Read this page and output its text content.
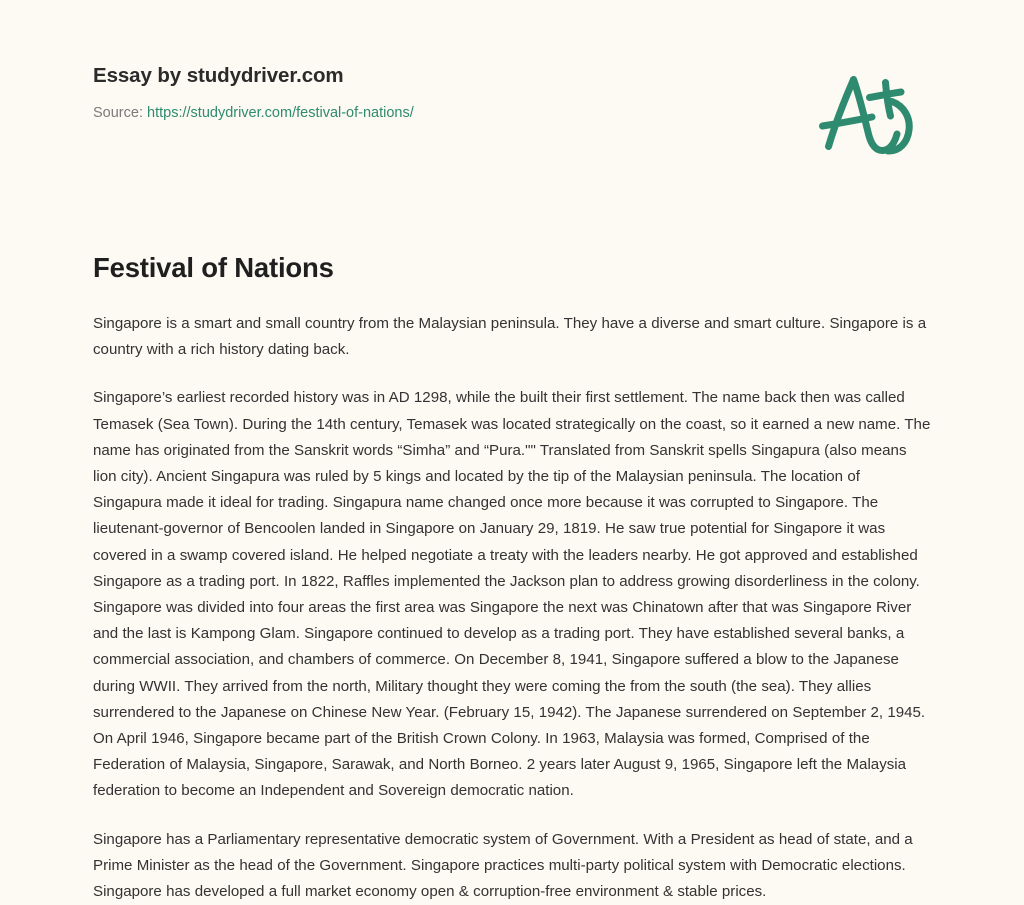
Essay by studydriver.com
Source: https://studydriver.com/festival-of-nations/
Festival of Nations

Singapore is a smart and small country from the Malaysian peninsula. They have a diverse and smart culture. Singapore is a country with a rich history dating back.

Singapore’s earliest recorded history was in AD 1298, while the built their first settlement. The name back then was called Temasek (Sea Town). During the 14th century, Temasek was located strategically on the coast, so it earned a new name. The name has originated from the Sanskrit words “Simha” and “Pura."" Translated from Sanskrit spells Singapura (also means lion city). Ancient Singapura was ruled by 5 kings and located by the tip of the Malaysian peninsula. The location of Singapura made it ideal for trading. Singapura name changed once more because it was corrupted to Singapore. The lieutenant-governor of Bencoolen landed in Singapore on January 29, 1819. He saw true potential for Singapore it was covered in a swamp covered island. He helped negotiate a treaty with the leaders nearby. He got approved and established Singapore as a trading port. In 1822, Raffles implemented the Jackson plan to address growing disorderliness in the colony. Singapore was divided into four areas the first area was Singapore the next was Chinatown after that was Singapore River and the last is Kampong Glam. Singapore continued to develop as a trading port. They have established several banks, a commercial association, and chambers of commerce. On December 8, 1941, Singapore suffered a blow to the Japanese during WWII. They arrived from the north, Military thought they were coming the from the south (the sea). They allies surrendered to the Japanese on Chinese New Year. (February 15, 1942). The Japanese surrendered on September 2, 1945. On April 1946, Singapore became part of the British Crown Colony. In 1963, Malaysia was formed, Comprised of the Federation of Malaysia, Singapore, Sarawak, and North Borneo. 2 years later August 9, 1965, Singapore left the Malaysia federation to become an Independent and Sovereign democratic nation.

Singapore has a Parliamentary representative democratic system of Government. With a President as head of state, and a Prime Minister as the head of the Government. Singapore practices multi-party political system with Democratic elections. Singapore has developed a full market economy open & corruption-free environment & stable prices.
